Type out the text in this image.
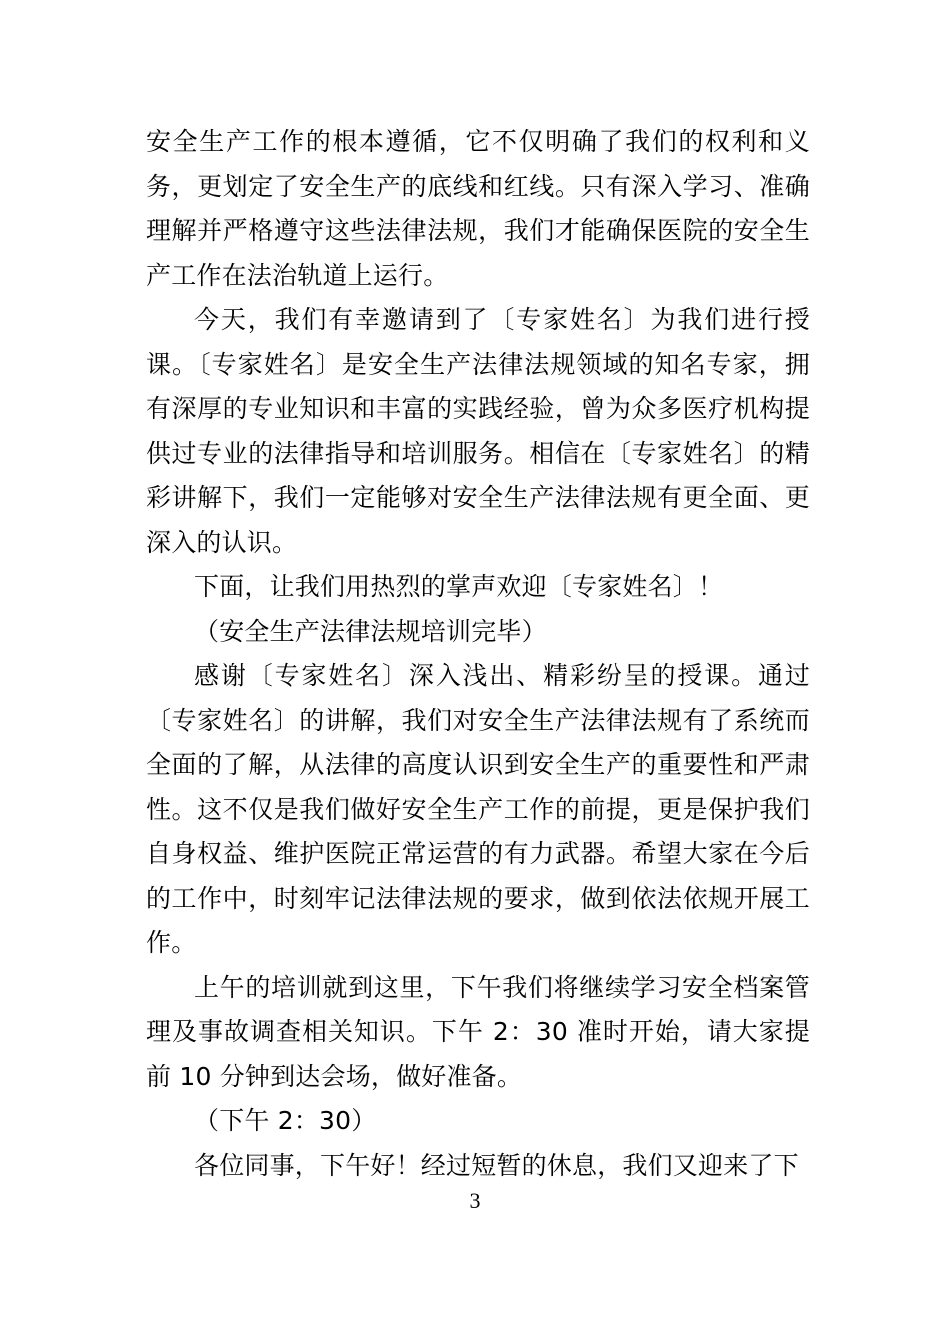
安全生产工作的根本遵循，它不仅明确了我们的权利和义务，更划定了安全生产的底线和红线。只有深入学习、准确理解并严格遵守这些法律法规，我们才能确保医院的安全生产工作在法治轨道上运行。

今天，我们有幸邀请到了〔专家姓名〕为我们进行授课。〔专家姓名〕是安全生产法律法规领域的知名专家，拥有深厚的专业知识和丰富的实践经验，曾为众多医疗机构提供过专业的法律指导和培训服务。相信在〔专家姓名〕的精彩讲解下，我们一定能够对安全生产法律法规有更全面、更深入的认识。

下面，让我们用热烈的掌声欢迎〔专家姓名〕！

（安全生产法律法规培训完毕）

感谢〔专家姓名〕深入浅出、精彩纷呈的授课。通过〔专家姓名〕的讲解，我们对安全生产法律法规有了系统而全面的了解，从法律的高度认识到安全生产的重要性和严肃性。这不仅是我们做好安全生产工作的前提，更是保护我们自身权益、维护医院正常运营的有力武器。希望大家在今后的工作中，时刻牢记法律法规的要求，做到依法依规开展工作。

上午的培训就到这里，下午我们将继续学习安全档案管理及事故调查相关知识。下午 2：30 准时开始，请大家提前 10 分钟到达会场，做好准备。

（下午 2：30）

各位同事，下午好！经过短暂的休息，我们又迎来了下

3
